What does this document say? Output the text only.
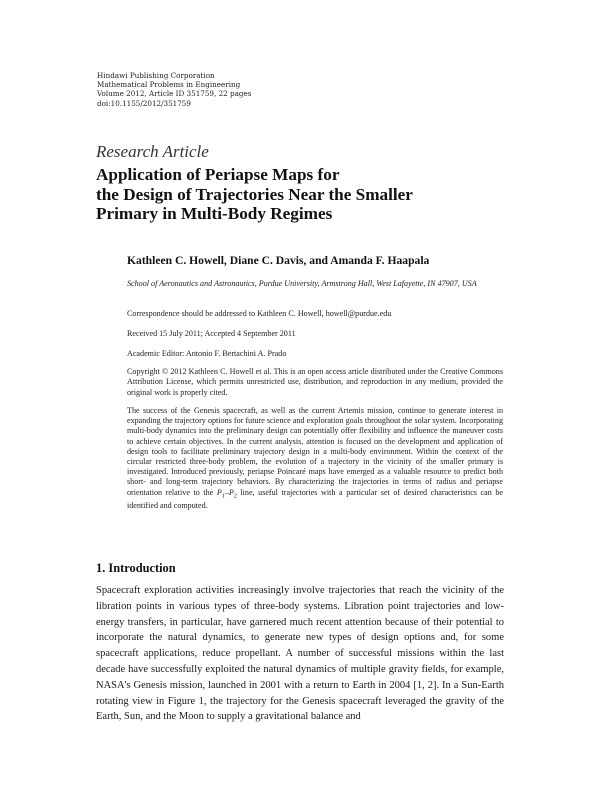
Hindawi Publishing Corporation
Mathematical Problems in Engineering
Volume 2012, Article ID 351759, 22 pages
doi:10.1155/2012/351759
Research Article
Application of Periapse Maps for
the Design of Trajectories Near the Smaller
Primary in Multi-Body Regimes
Kathleen C. Howell, Diane C. Davis, and Amanda F. Haapala
School of Aeronautics and Astronautics, Purdue University, Armstrong Hall, West Lafayette, IN 47907, USA
Correspondence should be addressed to Kathleen C. Howell, howell@purdue.edu
Received 15 July 2011; Accepted 4 September 2011
Academic Editor: Antonio F. Bertachini A. Prado
Copyright © 2012 Kathleen C. Howell et al. This is an open access article distributed under the Creative Commons Attribution License, which permits unrestricted use, distribution, and reproduction in any medium, provided the original work is properly cited.
The success of the Genesis spacecraft, as well as the current Artemis mission, continue to generate interest in expanding the trajectory options for future science and exploration goals throughout the solar system. Incorporating multi-body dynamics into the preliminary design can potentially offer flexibility and influence the maneuver costs to achieve certain objectives. In the current analysis, attention is focused on the development and application of design tools to facilitate preliminary trajectory design in a multi-body environment. Within the context of the circular restricted three-body problem, the evolution of a trajectory in the vicinity of the smaller primary is investigated. Introduced previously, periapse Poincaré maps have emerged as a valuable resource to predict both short- and long-term trajectory behaviors. By characterizing the trajectories in terms of radius and periapse orientation relative to the $P_1-P_2$ line, useful trajectories with a particular set of desired characteristics can be identified and computed.
1. Introduction
Spacecraft exploration activities increasingly involve trajectories that reach the vicinity of the libration points in various types of three-body systems. Libration point trajectories and low-energy transfers, in particular, have garnered much recent attention because of their potential to incorporate the natural dynamics, to generate new types of design options and, for some spacecraft applications, reduce propellant. A number of successful missions within the last decade have successfully exploited the natural dynamics of multiple gravity fields, for example, NASA's Genesis mission, launched in 2001 with a return to Earth in 2004 [1, 2]. In a Sun-Earth rotating view in Figure 1, the trajectory for the Genesis spacecraft leveraged the gravity of the Earth, Sun, and the Moon to supply a gravitational balance and
